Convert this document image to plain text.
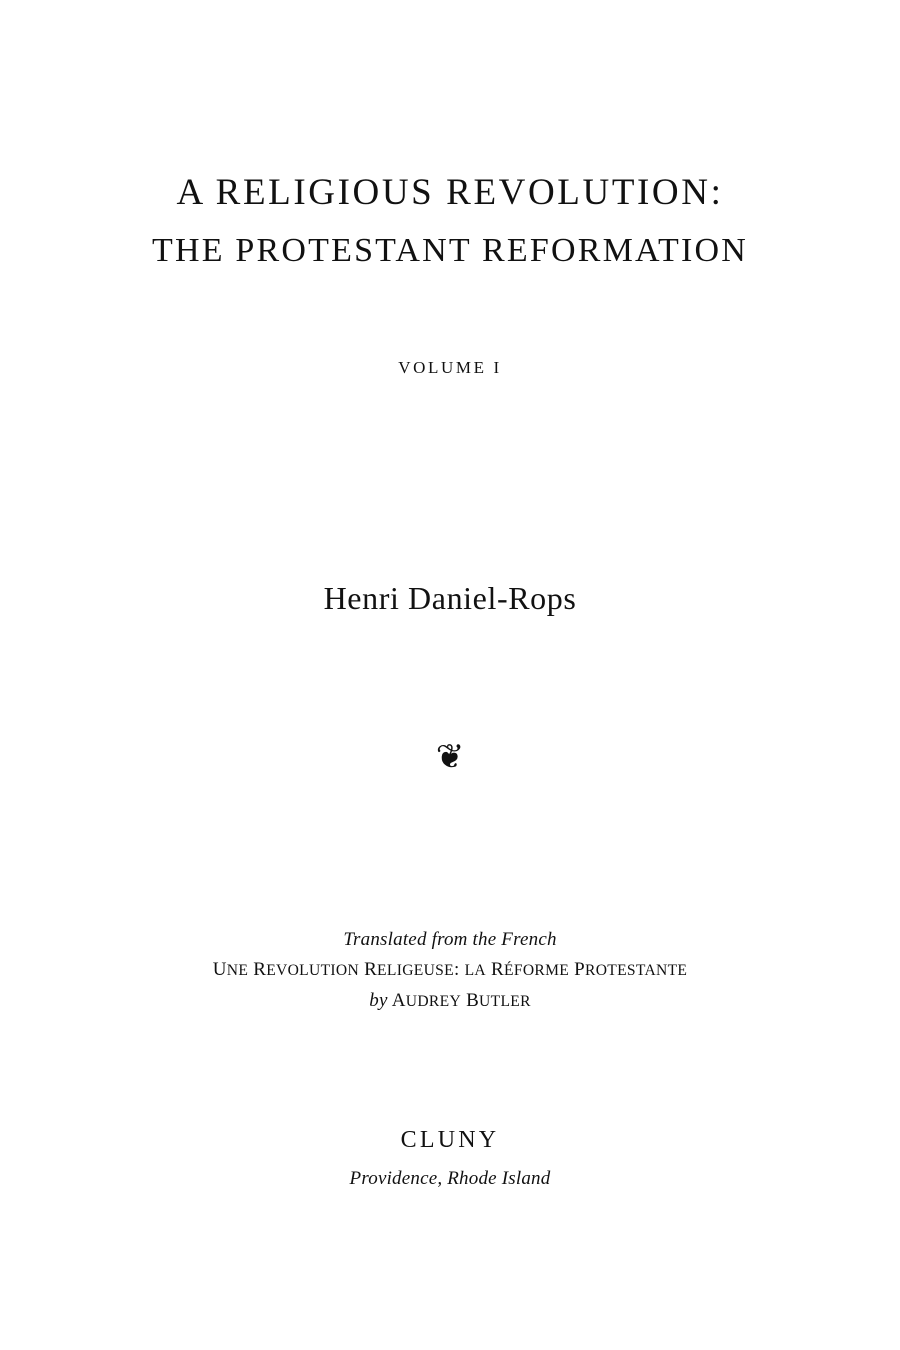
A RELIGIOUS REVOLUTION:
THE PROTESTANT REFORMATION
VOLUME I
Henri Daniel-Rops
❦
Translated from the French
UNE REVOLUTION RELIGEUSE: LA RÉFORME PROTESTANTE
by AUDREY BUTLER
CLUNY
Providence, Rhode Island
